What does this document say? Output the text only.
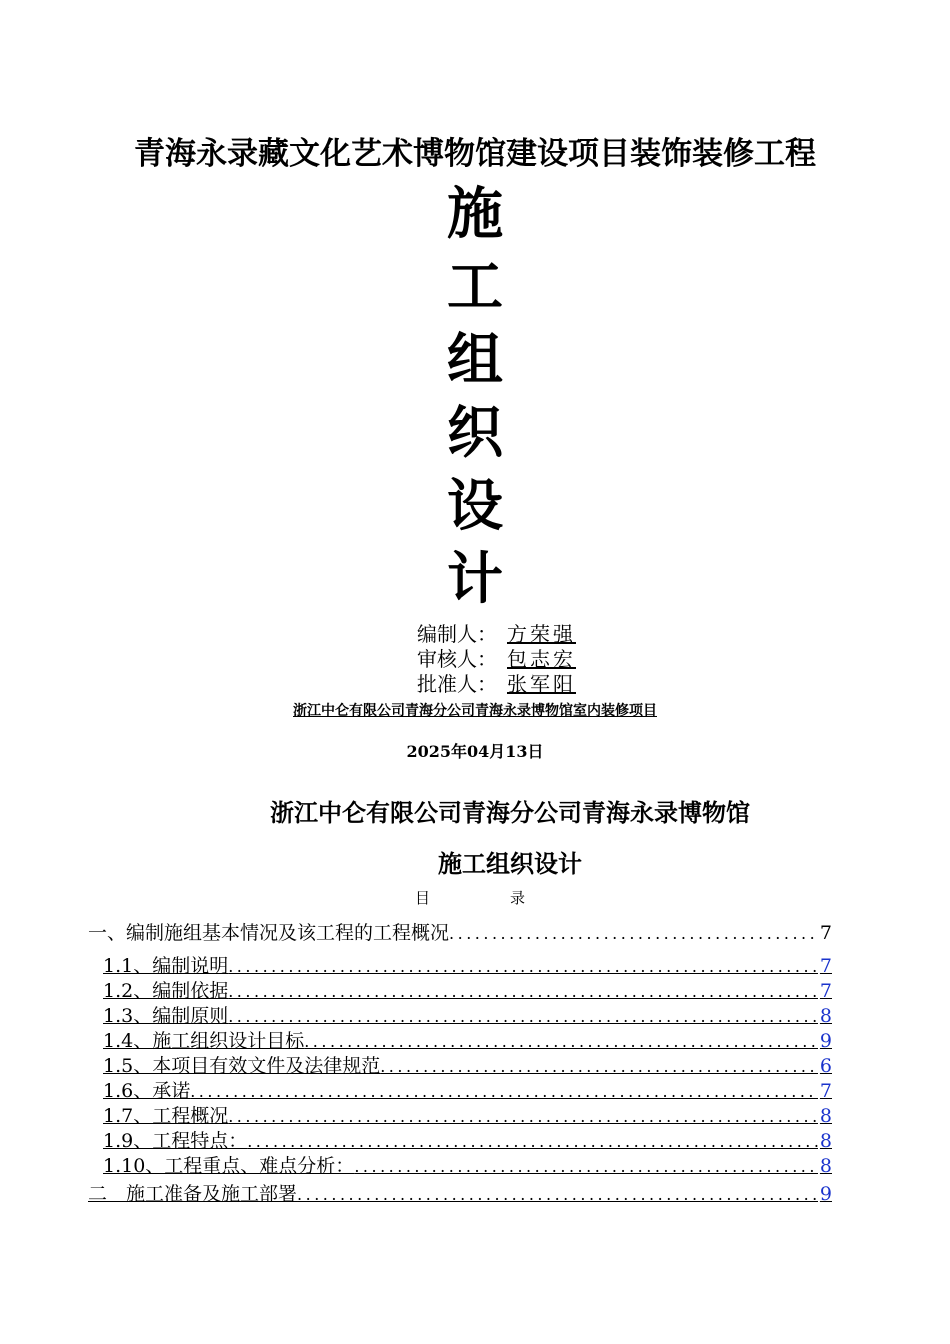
青海永录藏文化艺术博物馆建设项目装饰装修工程
施
工
组
织
设
计
编制人： 方荣强
审核人： 包志宏
批准人： 张军阳
浙江中仑有限公司青海分公司青海永录博物馆室内装修项目
2025年04月13日
浙江中仑有限公司青海分公司青海永录博物馆
施工组织设计
目录
一、编制施组基本情况及该工程的工程概况 .....	7
1.1、编制说明 .....	7
1.2、编制依据 .....	7
1.3、编制原则 .....	8
1.4、施工组织设计目标 .....	9
1.5、本项目有效文件及法律规范 .....	6
1.6、承诺 .....	7
1.7、工程概况 .....	8
1.9、工程特点： .....	8
1.10、工程重点、难点分析： .....	8
二　施工准备及施工部署 .....	9
